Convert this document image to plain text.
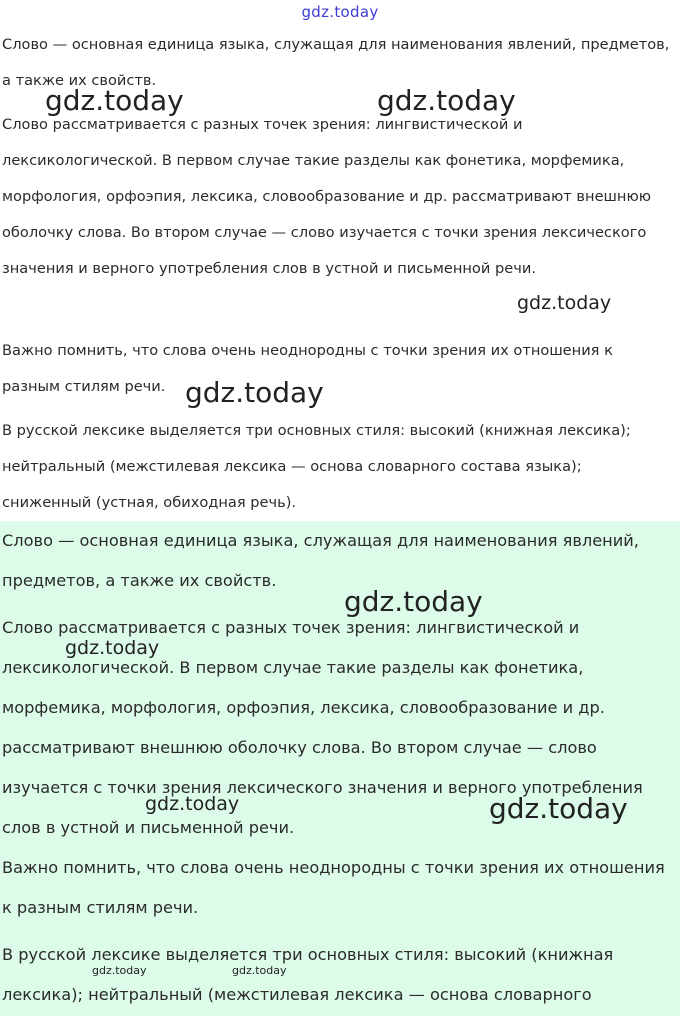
gdz.today

Слово — основная единица языка, служащая для наименования явлений, предметов, а также их свойств.

Слово рассматривается с разных точек зрения: лингвистической и лексикологической. В первом случае такие разделы как фонетика, морфемика, морфология, орфоэпия, лексика, словообразование и др. рассматривают внешнюю оболочку слова. Во втором случае — слово изучается с точки зрения лексического значения и верного употребления слов в устной и письменной речи.

Важно помнить, что слова очень неоднородны с точки зрения их отношения к разным стилям речи.

В русской лексике выделяется три основных стиля: высокий (книжная лексика); нейтральный (межстилевая лексика — основа словарного состава языка); сниженный (устная, обиходная речь).

Слово — основная единица языка, служащая для наименования явлений, предметов, а также их свойств.

Слово рассматривается с разных точек зрения: лингвистической и лексикологической. В первом случае такие разделы как фонетика, морфемика, морфология, орфоэпия, лексика, словообразование и др. рассматривают внешнюю оболочку слова. Во втором случае — слово изучается с точки зрения лексического значения и верного употребления слов в устной и письменной речи.

Важно помнить, что слова очень неоднородны с точки зрения их отношения к разным стилям речи.

В русской лексике выделяется три основных стиля: высокий (книжная лексика); нейтральный (межстилевая лексика — основа словарного

gdz.today	gdz.today
gdz.today
gdz.today
gdz.today
gdz.today
gdz.today	gdz.today
gdz.today	gdz.today
